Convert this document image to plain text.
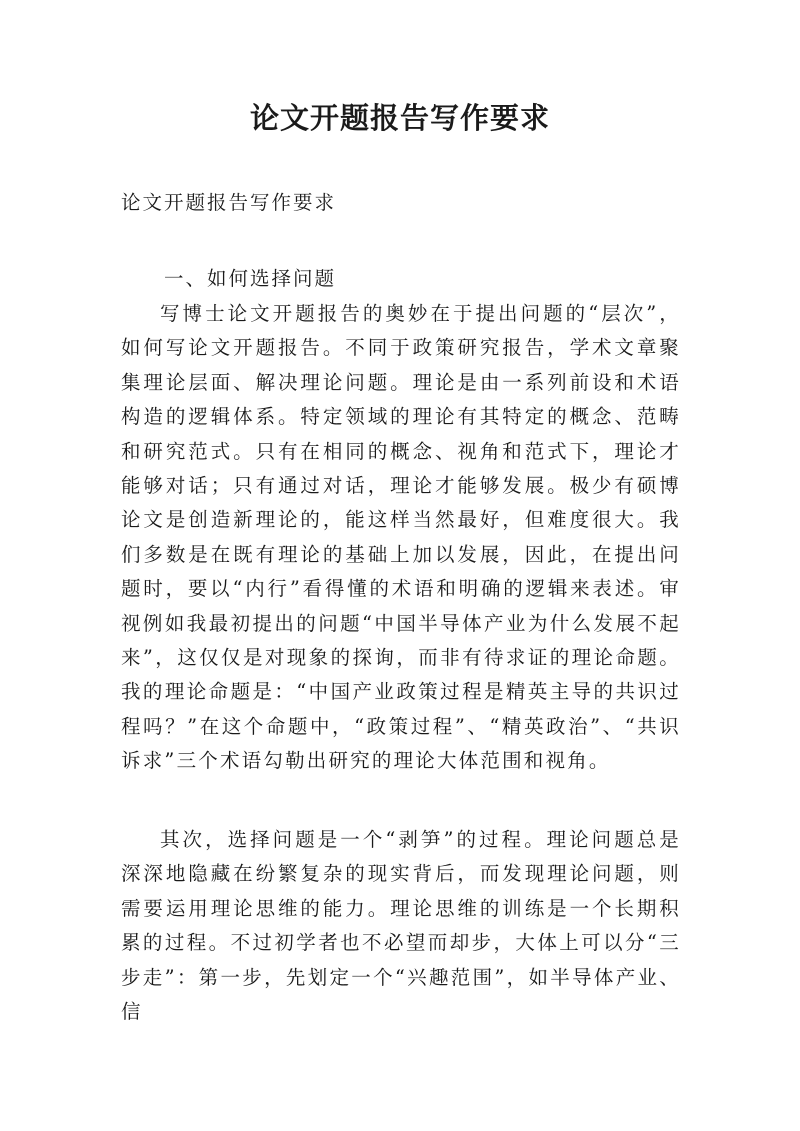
论文开题报告写作要求

论文开题报告写作要求

一、如何选择问题

写博士论文开题报告的奥妙在于提出问题的“层次”，如何写论文开题报告。不同于政策研究报告，学术文章聚集理论层面、解决理论问题。理论是由一系列前设和术语构造的逻辑体系。特定领域的理论有其特定的概念、范畴和研究范式。只有在相同的概念、视角和范式下，理论才能够对话；只有通过对话，理论才能够发展。极少有硕博论文是创造新理论的，能这样当然最好，但难度很大。我们多数是在既有理论的基础上加以发展，因此，在提出问题时，要以“内行”看得懂的术语和明确的逻辑来表述。审视例如我最初提出的问题“中国半导体产业为什么发展不起来”，这仅仅是对现象的探询，而非有待求证的理论命题。我的理论命题是：“中国产业政策过程是精英主导的共识过程吗？”在这个命题中，“政策过程”、“精英政治”、“共识诉求”三个术语勾勒出研究的理论大体范围和视角。

其次，选择问题是一个“剥笋”的过程。理论问题总是深深地隐藏在纷繁复杂的现实背后，而发现理论问题，则需要运用理论思维的能力。理论思维的训练是一个长期积累的过程。不过初学者也不必望而却步，大体上可以分“三步走”：第一步，先划定一个“兴趣范围”，如半导体产业、信
